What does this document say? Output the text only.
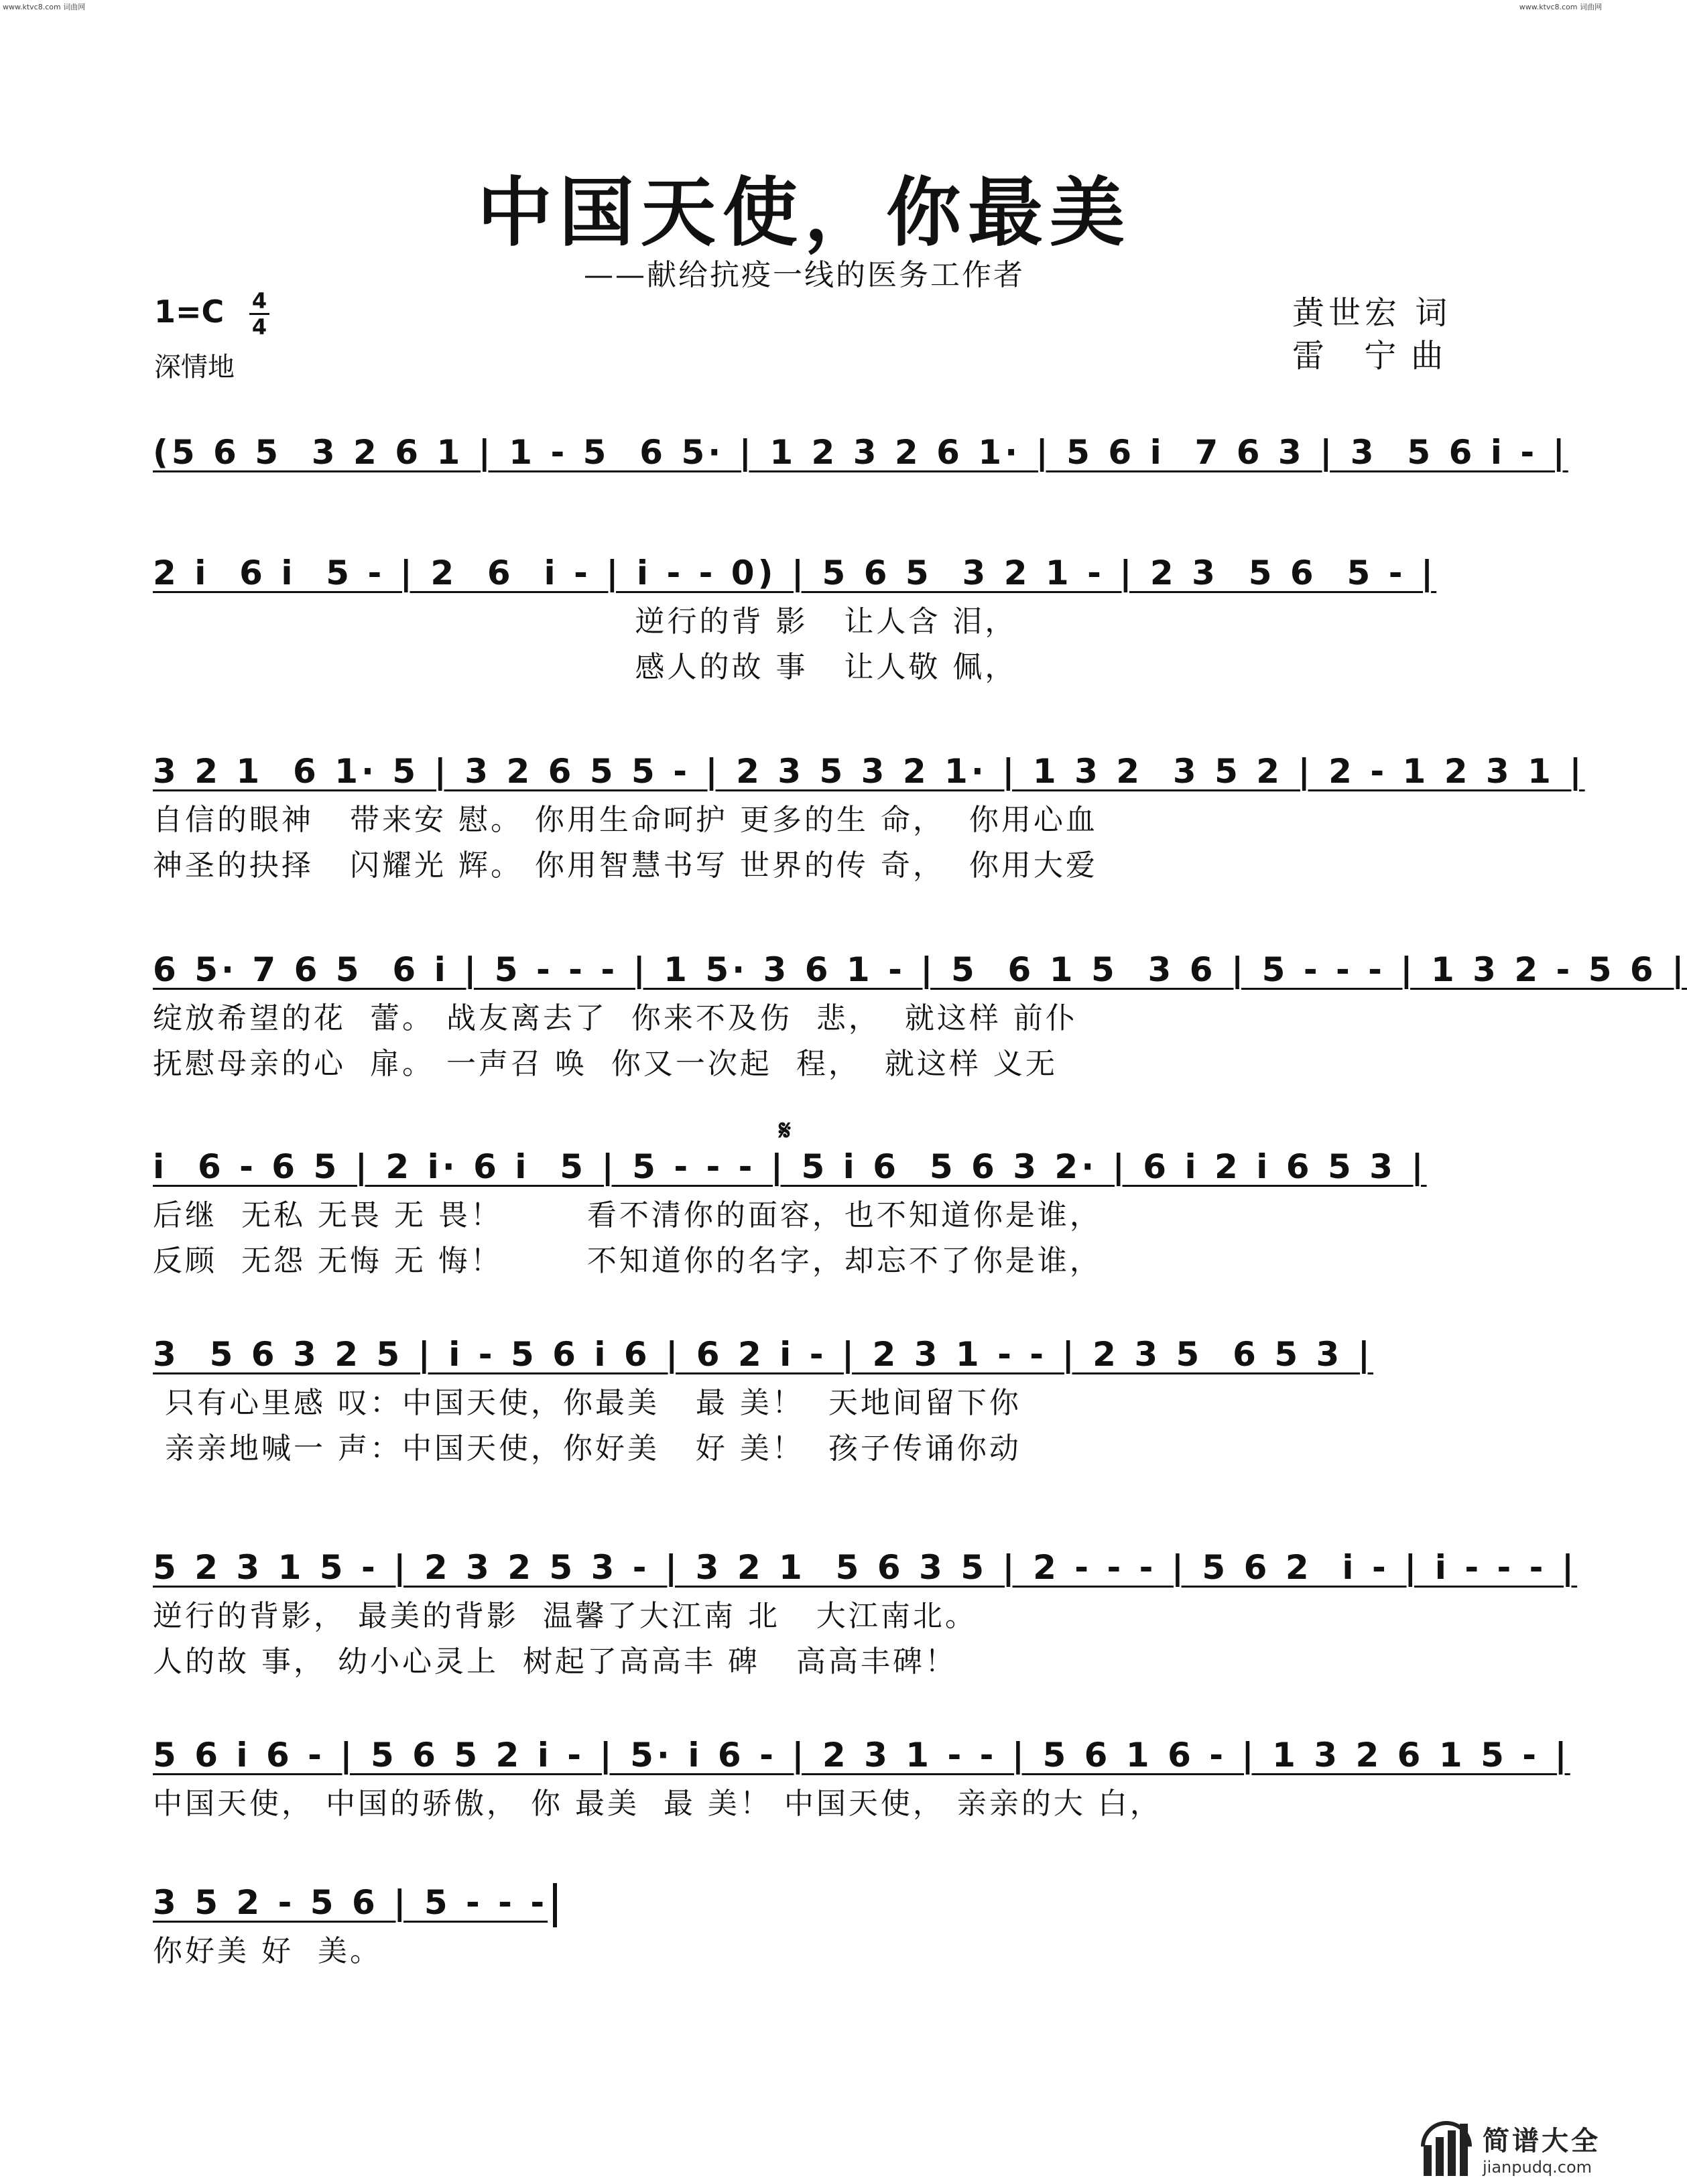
www.ktvc8.com 词曲网	www.ktvc8.com 词曲网
中国天使，你最美
——献给抗疫一线的医务工作者
1=C 4
4
深情地
黄世宏 词
雷 宁曲
(5 6 5  3 2 6 1 | 1 - 5  6 5· | 1 2 3 2 6 1· | 5 6 i  7 6 3 | 3  5 6 i - |
2 i  6 i  5 - | 2  6  i - | i - - 0) | 5 6 5  3 2 1 - | 2 3  5 6  5 - |
逆行的背 影   让人含 泪，
感人的故 事   让人敬 佩，
3 2 1  6 1· 5 | 3 2 6 5 5 - | 2 3 5 3 2 1· | 1 3 2  3 5 2 | 2 - 1 2 3 1 |
自信的眼神   带来安 慰。 你用生命呵护 更多的生 命，  你用心血
神圣的抉择   闪耀光 辉。 你用智慧书写 世界的传 奇，  你用大爱
6 5· 7 6 5  6 i | 5 - - - | 1 5· 3 6 1 - | 5  6 1 5  3 6 | 5 - - - | 1 3 2 - 5 6 |
绽放希望的花  蕾。 战友离去了  你来不及伤  悲，  就这样 前仆
抚慰母亲的心  扉。 一声召 唤  你又一次起  程，  就这样 义无
𝄋
i  6 - 6 5 | 2 i· 6 i  5 | 5 - - - | 5 i 6  5 6 3 2· | 6 i 2 i 6 5 3 |
后继  无私 无畏 无 畏！       看不清你的面容，也不知道你是谁，
反顾  无怨 无悔 无 悔！       不知道你的名字，却忘不了你是谁，
3  5 6 3 2 5 | i - 5 6 i 6 | 6 2 i - | 2 3 1 - - | 2 3 5  6 5 3 |
只有心里感 叹：中国天使，你最美   最 美！  天地间留下你
亲亲地喊一 声：中国天使，你好美   好 美！  孩子传诵你动
5 2 3 1 5 - | 2 3 2 5 3 - | 3 2 1  5 6 3 5 | 2 - - - | 5 6 2  i - | i - - - |
逆行的背影， 最美的背影  温馨了大江南 北   大江南北。
人的故 事， 幼小心灵上  树起了高高丰 碑   高高丰碑！
5 6 i 6 - | 5 6 5 2 i - | 5· i 6 - | 2 3 1 - - | 5 6 1 6 - | 1 3 2 6 1 5 - |
中国天使， 中国的骄傲， 你 最美  最 美！ 中国天使， 亲亲的大 白，
3 5 2 - 5 6 | 5 - - -
你好美 好  美。
简谱大全
jianpudq.com
